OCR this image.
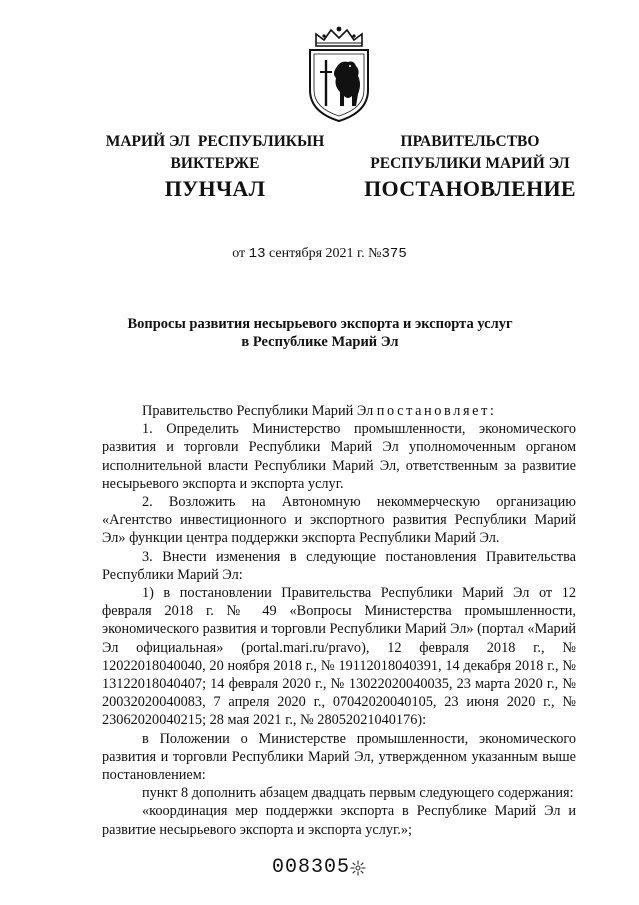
МАРИЙ ЭЛ  РЕСПУБЛИКЫН
ВИКТЕРЖЕ
ПУНЧАЛ
ПРАВИТЕЛЬСТВО
РЕСПУБЛИКИ МАРИЙ ЭЛ
ПОСТАНОВЛЕНИЕ
от 13 сентября 2021 г. №375
Вопросы развития несырьевого экспорта и экспорта услуг
в Республике Марий Эл

Правительство Республики Марий Эл постановляет:

1. Определить Министерство промышленности, экономического развития и торговли Республики Марий Эл уполномоченным органом исполнительной власти Республики Марий Эл, ответственным за развитие несырьевого экспорта и экспорта услуг.

2. Возложить на Автономную некоммерческую организацию «Агентство инвестиционного и экспортного развития Республики Марий Эл» функции центра поддержки экспорта Республики Марий Эл.

3. Внести изменения в следующие постановления Правительства Республики Марий Эл:

1) в постановлении Правительства Республики Марий Эл от 12 февраля 2018 г. № 49 «Вопросы Министерства промышленности, экономического развития и торговли Республики Марий Эл» (портал «Марий Эл официальная» (portal.mari.ru/pravo), 12 февраля 2018 г., № 12022018040040, 20 ноября 2018 г., № 19112018040391, 14 декабря 2018 г., № 13122018040407; 14 февраля 2020 г., № 13022020040035, 23 марта 2020 г., № 20032020040083, 7 апреля 2020 г., 07042020040105, 23 июня 2020 г., № 23062020040215; 28 мая 2021 г., № 28052021040176):

в Положении о Министерстве промышленности, экономического развития и торговли Республики Марий Эл, утвержденном указанным выше постановлением:

пункт 8 дополнить абзацем двадцать первым следующего содержания:

«координация мер поддержки экспорта в Республике Марий Эл и развитие несырьевого экспорта и экспорта услуг.»;

008305
